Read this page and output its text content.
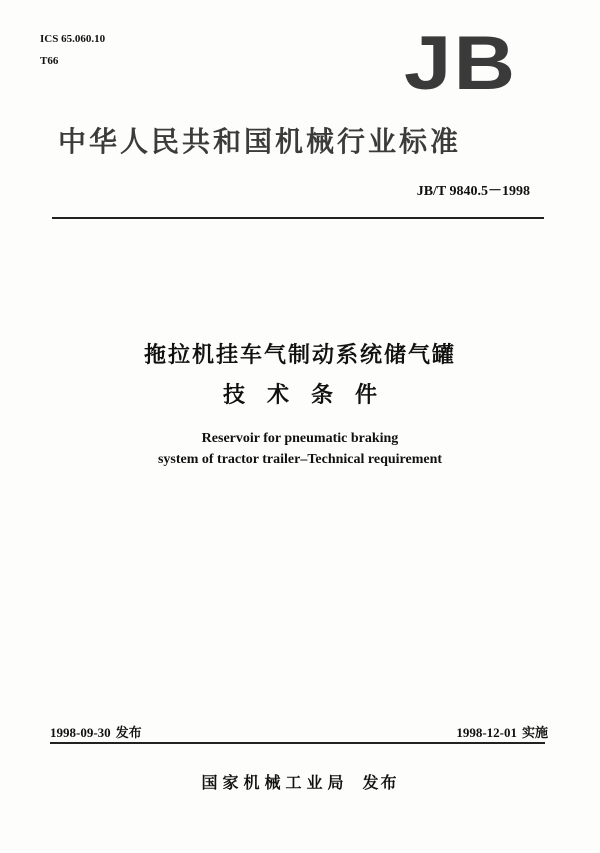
ICS 65.060.10
T66	JB
中华人民共和国机械行业标准
JB/T 9840.5－1998
拖拉机挂车气制动系统储气罐
技术条件
Reservoir for pneumatic braking
system of tractor trailer–Technical requirement
1998-09-30 发布	1998-12-01 实施
国家机械工业局 发布
